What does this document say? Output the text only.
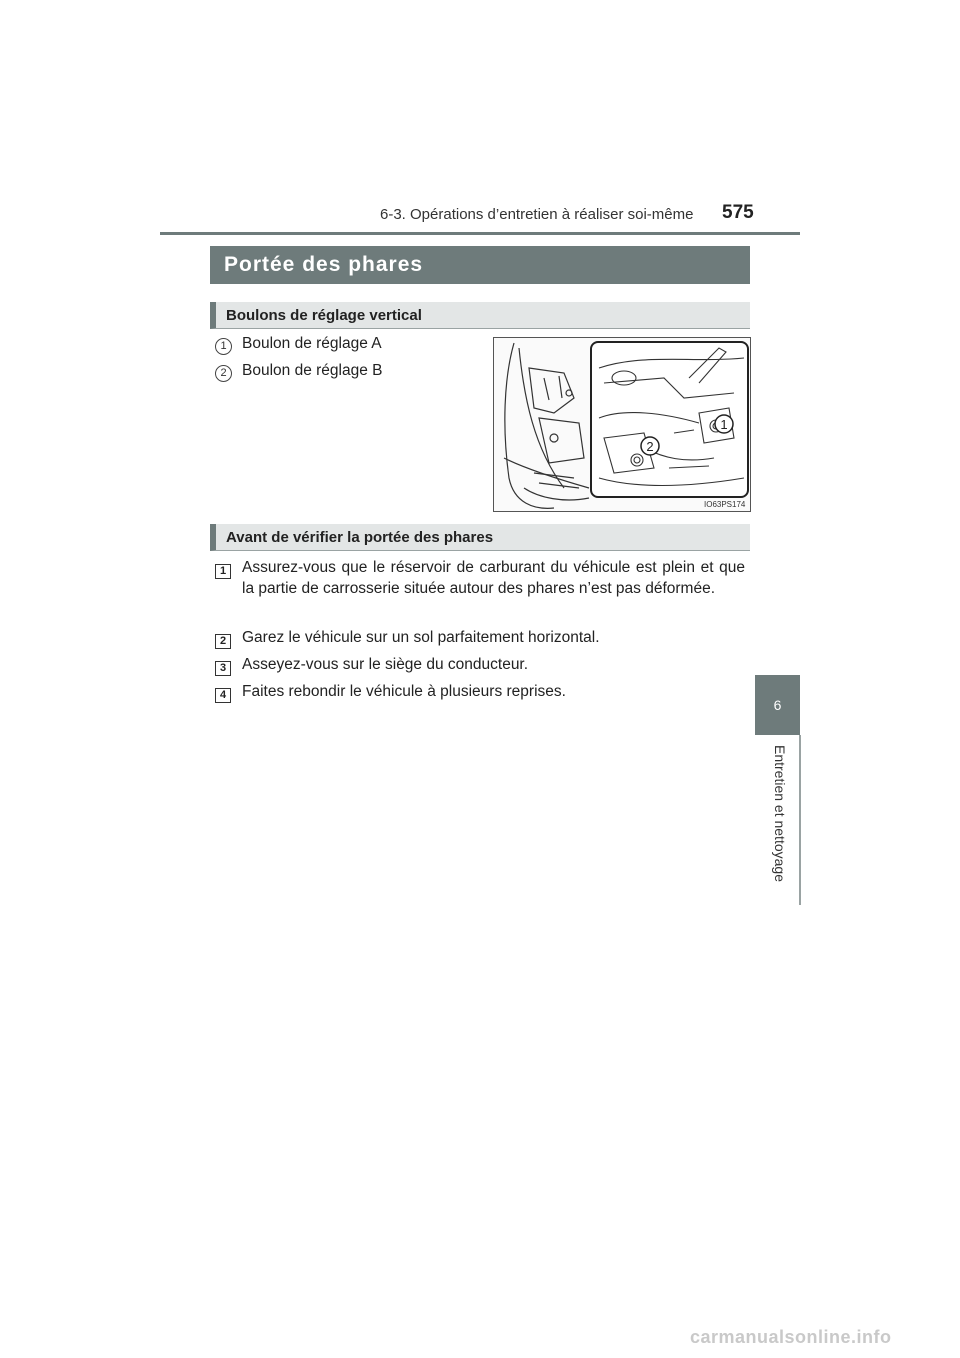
6-3. Opérations d’entretien à réaliser soi-même 575
6
Entretien et nettoyage
Portée des phares
Boulons de réglage vertical
1 Boulon de réglage A
2 Boulon de réglage B
1
2
IO63PS174
Avant de vérifier la portée des phares
1	Assurez-vous que le réservoir de carburant du véhicule est plein et que la partie de carrosserie située autour des phares n’est pas déformée.
2	Garez le véhicule sur un sol parfaitement horizontal.
3	Asseyez-vous sur le siège du conducteur.
4	Faites rebondir le véhicule à plusieurs reprises.
carmanualsonline.info
